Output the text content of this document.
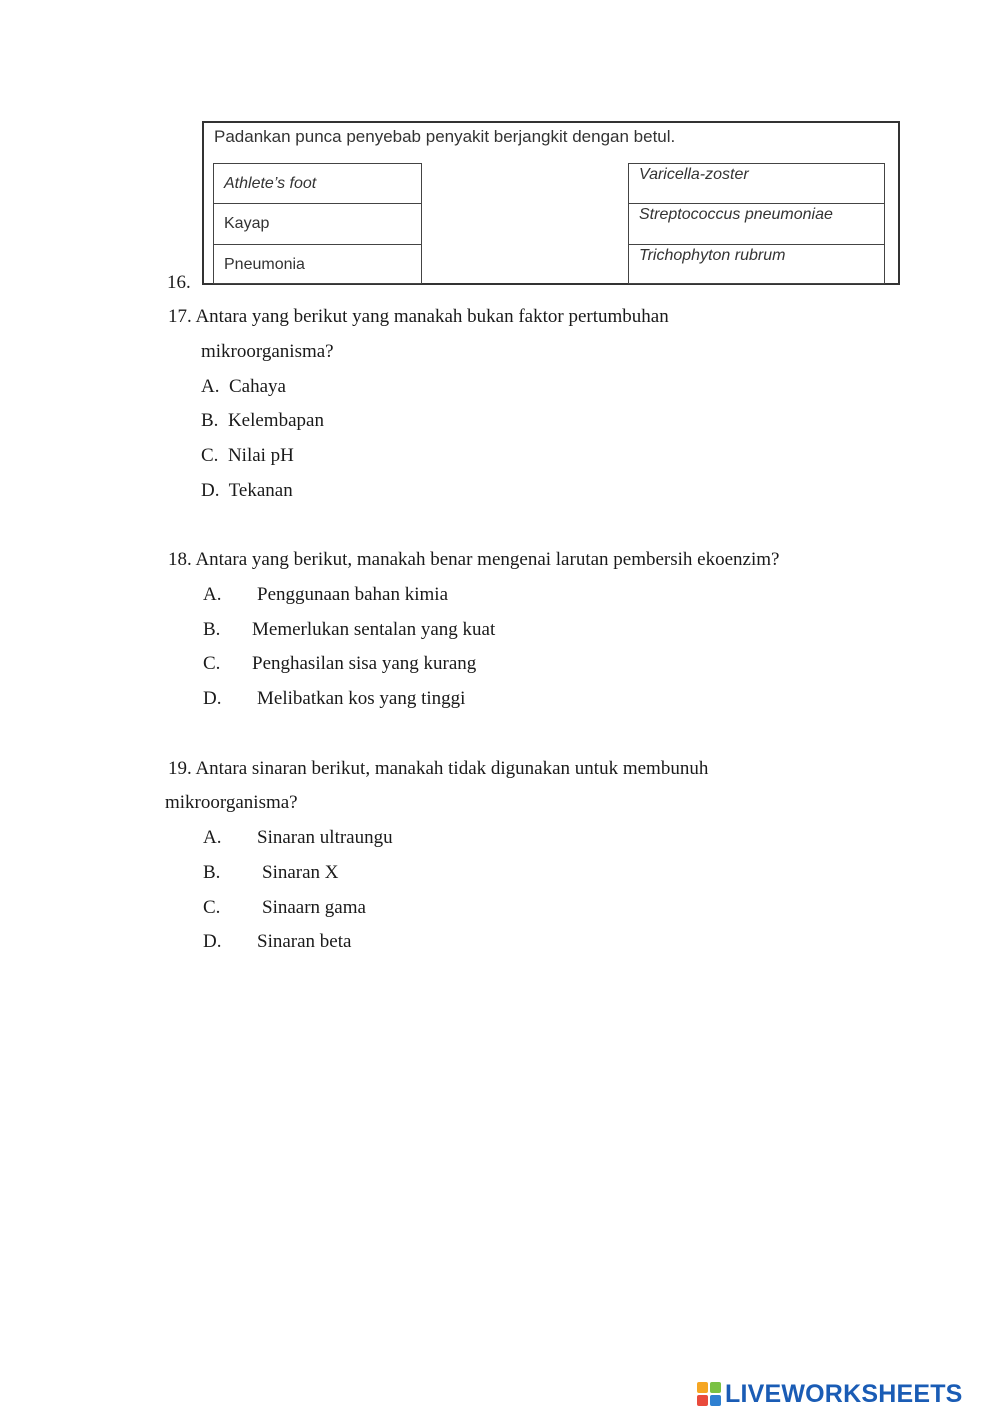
16.
Padankan punca penyebab penyakit berjangkit dengan betul.
Athlete’s foot
Kayap
Pneumonia
Varicella-zoster
Streptococcus pneumoniae
Trichophyton rubrum
17. Antara yang berikut yang manakah bukan faktor pertumbuhan
mikroorganisma?
A. Cahaya
B. Kelembapan
C. Nilai pH
D. Tekanan
18. Antara yang berikut, manakah benar mengenai larutan pembersih ekoenzim?
A. Penggunaan bahan kimia
B. Memerlukan sentalan yang kuat
C. Penghasilan sisa yang kurang
D. Melibatkan kos yang tinggi
19. Antara sinaran berikut, manakah tidak digunakan untuk membunuh
mikroorganisma?
A. Sinaran ultraungu
B. Sinaran X
C. Sinaarn gama
D. Sinaran beta
LIVEWORKSHEETS
